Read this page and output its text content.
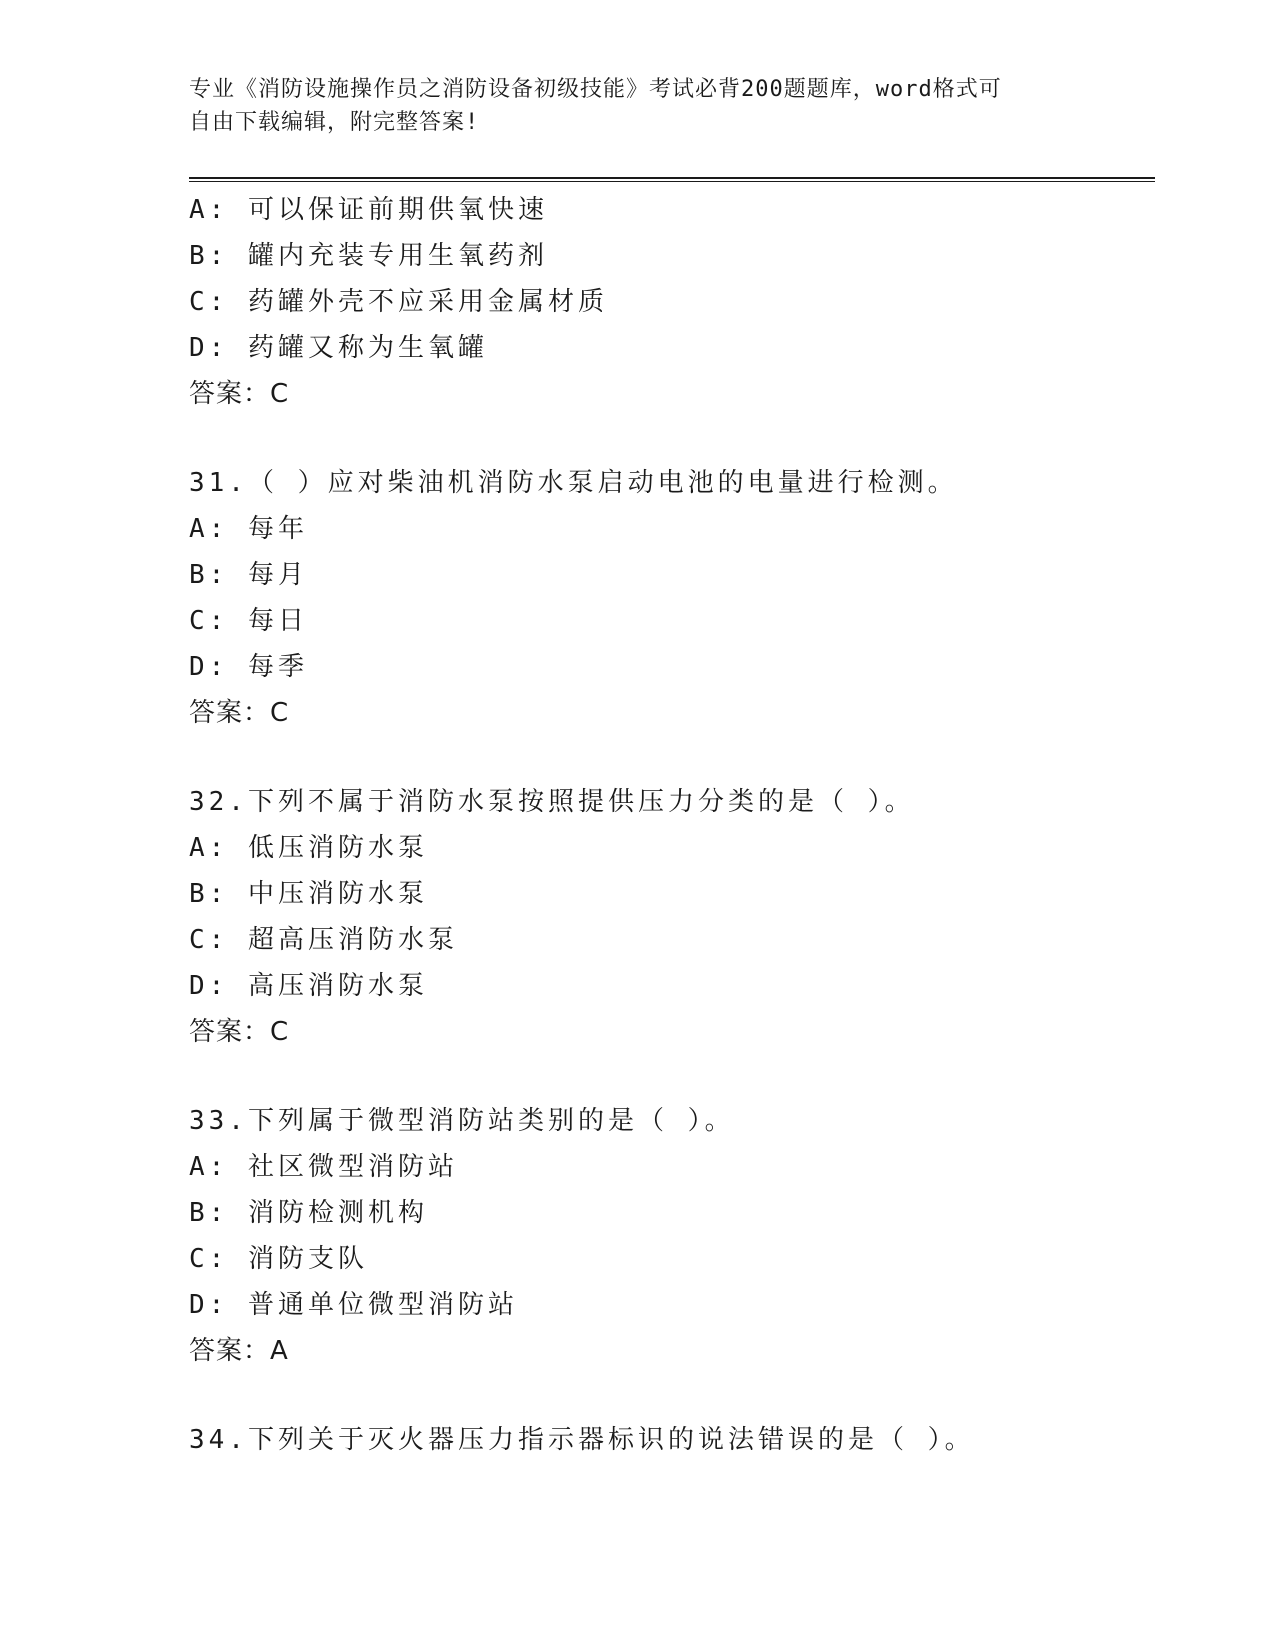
专业《消防设施操作员之消防设备初级技能》考试必背200题题库，word格式可
自由下载编辑，附完整答案!
A: 可以保证前期供氧快速
B: 罐内充装专用生氧药剂
C: 药罐外壳不应采用金属材质
D: 药罐又称为生氧罐
答案：C
31.（ ）应对柴油机消防水泵启动电池的电量进行检测。
A: 每年
B: 每月
C: 每日
D: 每季
答案：C
32.下列不属于消防水泵按照提供压力分类的是（ ）。
A: 低压消防水泵
B: 中压消防水泵
C: 超高压消防水泵
D: 高压消防水泵
答案：C
33.下列属于微型消防站类别的是（ ）。
A: 社区微型消防站
B: 消防检测机构
C: 消防支队
D: 普通单位微型消防站
答案：A
34.下列关于灭火器压力指示器标识的说法错误的是（ ）。
